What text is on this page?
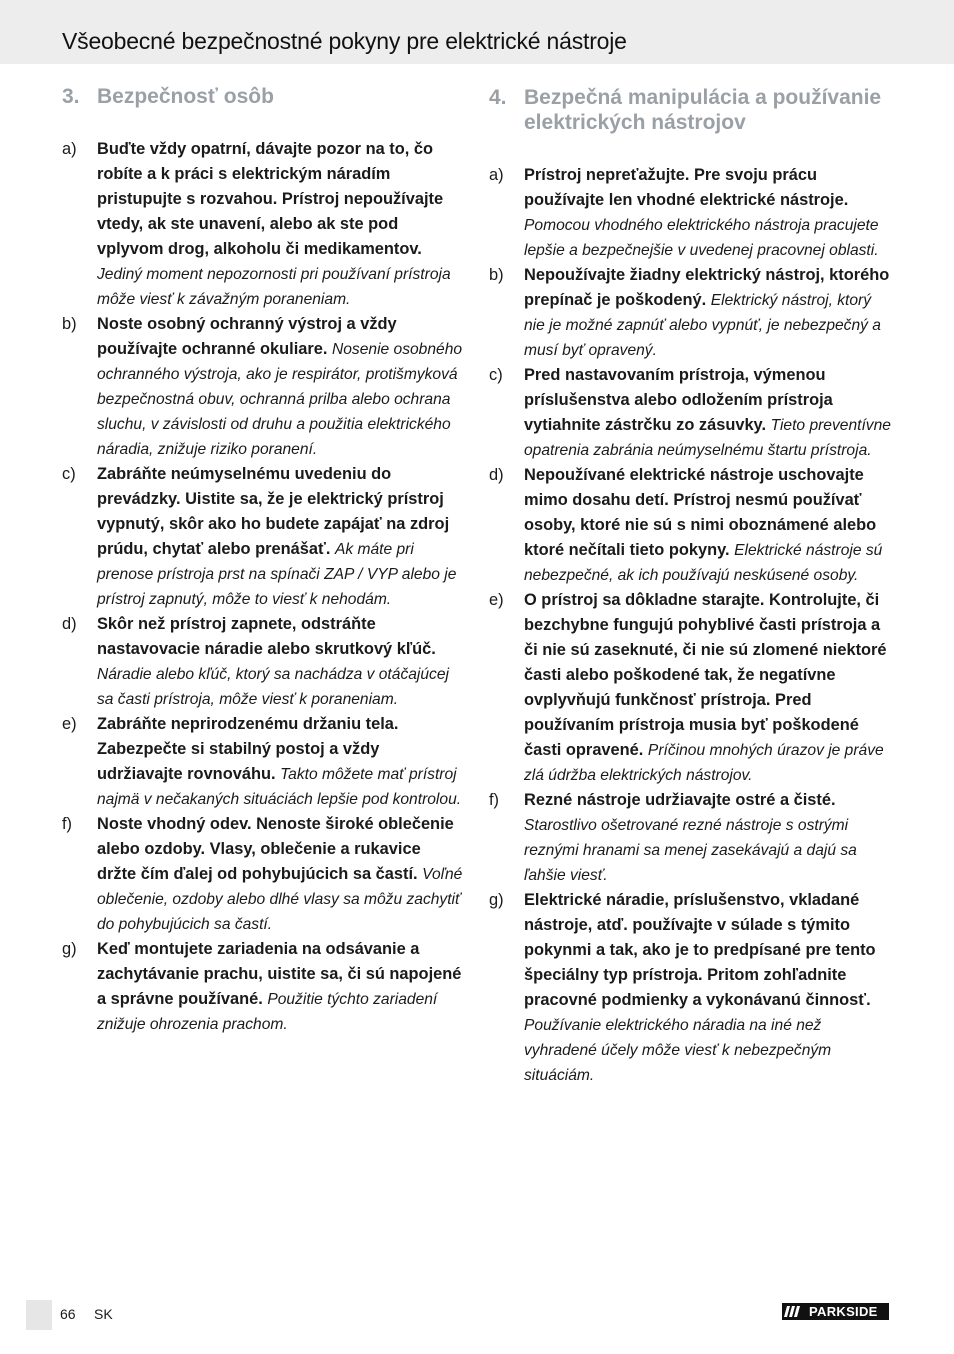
Všeobecné bezpečnostné pokyny pre elektrické nástroje
3. Bezpečnosť osôb
a)	Buďte vždy opatrní, dávajte pozor na to, čo robíte a k práci s elektrickým náradím pristupujte s rozvahou. Prístroj nepoužívajte vtedy, ak ste unavení, alebo ak ste pod vplyvom drog, alkoholu či medikamentov. Jediný moment nepozornosti pri používaní prístroja môže viesť k závažným poraneniam.
b)	Noste osobný ochranný výstroj a vždy používajte ochranné okuliare. Nosenie osobného ochranného výstroja, ako je respirátor, protišmyková bezpečnostná obuv, ochranná prilba alebo ochrana sluchu, v závislosti od druhu a použitia elektrického náradia, znižuje riziko poranení.
c)	Zabráňte neúmyselnému uvedeniu do prevádzky. Uistite sa, že je elektrický prístroj vypnutý, skôr ako ho budete zapájať na zdroj prúdu, chytať alebo prenášať. Ak máte pri prenose prístroja prst na spínači ZAP / VYP alebo je prístroj zapnutý, môže to viesť k nehodám.
d)	Skôr než prístroj zapnete, odstráňte nastavovacie náradie alebo skrutkový kľúč. Náradie alebo kľúč, ktorý sa nachádza v otáčajúcej sa časti prístroja, môže viesť k poraneniam.
e)	Zabráňte neprirodzenému držaniu tela. Zabezpečte si stabilný postoj a vždy udržiavajte rovnováhu. Takto môžete mať prístroj najmä v nečakaných situáciách lepšie pod kontrolou.
f)	Noste vhodný odev. Nenoste široké oblečenie alebo ozdoby. Vlasy, oblečenie a rukavice držte čím ďalej od pohybujúcich sa častí. Voľné oblečenie, ozdoby alebo dlhé vlasy sa môžu zachytiť do pohybujúcich sa častí.
g)	Keď montujete zariadenia na odsávanie a zachytávanie prachu, uistite sa, či sú napojené a správne používané. Použitie týchto zariadení znižuje ohrozenia prachom.
4. Bezpečná manipulácia a používanie elektrických nástrojov
a)	Prístroj nepreťažujte. Pre svoju prácu používajte len vhodné elektrické nástroje. Pomocou vhodného elektrického nástroja pracujete lepšie a bezpečnejšie v uvedenej pracovnej oblasti.
b)	Nepoužívajte žiadny elektrický nástroj, ktorého prepínač je poškodený. Elektrický nástroj, ktorý nie je možné zapnúť alebo vypnúť, je nebezpečný a musí byť opravený.
c)	Pred nastavovaním prístroja, výmenou príslušenstva alebo odložením prístroja vytiahnite zástrčku zo zásuvky. Tieto preventívne opatrenia zabránia neúmyselnému štartu prístroja.
d)	Nepoužívané elektrické nástroje uschovajte mimo dosahu detí. Prístroj nesmú používať osoby, ktoré nie sú s nimi oboznámené alebo ktoré nečítali tieto pokyny. Elektrické nástroje sú nebezpečné, ak ich používajú neskúsené osoby.
e)	O prístroj sa dôkladne starajte. Kontrolujte, či bezchybne fungujú pohyblivé časti prístroja a či nie sú zaseknuté, či nie sú zlomené niektoré časti alebo poškodené tak, že negatívne ovplyvňujú funkčnosť prístroja. Pred používaním prístroja musia byť poškodené časti opravené. Príčinou mnohých úrazov je práve zlá údržba elektrických nástrojov.
f)	Rezné nástroje udržiavajte ostré a čisté. Starostlivo ošetrované rezné nástroje s ostrými reznými hranami sa menej zasekávajú a dajú sa ľahšie viesť.
g)	Elektrické náradie, príslušenstvo, vkladané nástroje, atď. používajte v súlade s týmito pokynmi a tak, ako je to predpísané pre tento špeciálny typ prístroja. Pritom zohľadnite pracovné podmienky a vykonávanú činnosť. Používanie elektrického náradia na iné než vyhradené účely môže viesť k nebezpečným situáciám.
66 SK	PARKSIDE
